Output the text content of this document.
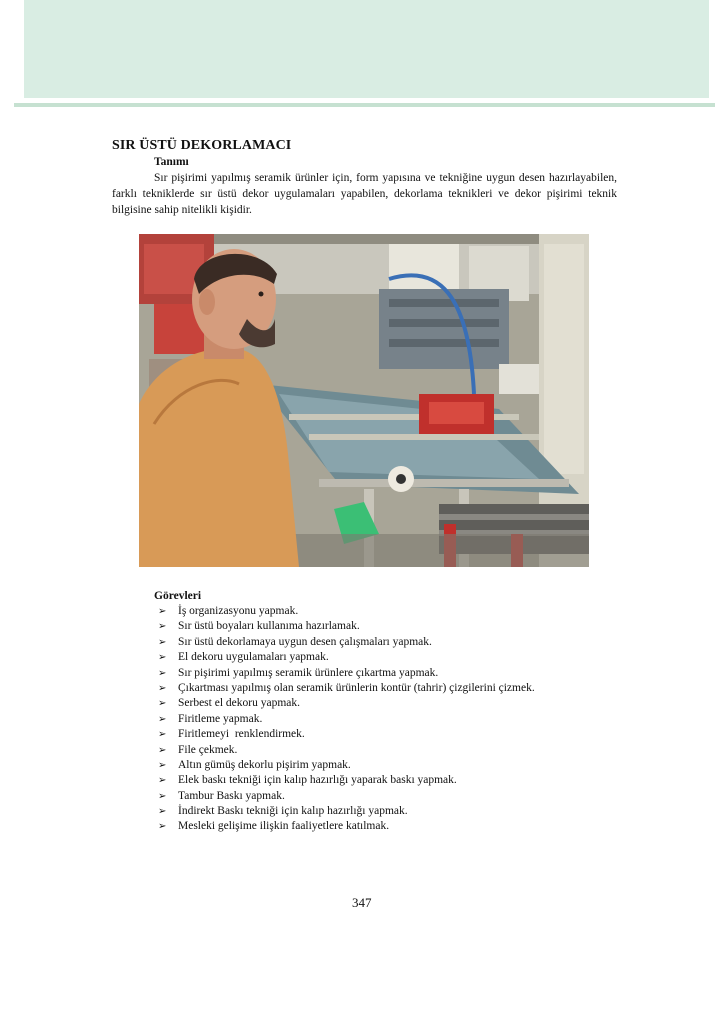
SIR ÜSTÜ DEKORLAMACI
Tanımı

Sır pişirimi yapılmış seramik ürünler için, form yapısına ve tekniğine uygun desen hazırlayabilen, farklı tekniklerde sır üstü dekor uygulamaları yapabilen, dekorlama teknikleri ve dekor pişirimi teknik bilgisine sahip nitelikli kişidir.

Görevleri
➢ İş organizasyonu yapmak.
➢ Sır üstü boyaları kullanıma hazırlamak.
➢ Sır üstü dekorlamaya uygun desen çalışmaları yapmak.
➢ El dekoru uygulamaları yapmak.
➢ Sır pişirimi yapılmış seramik ürünlere çıkartma yapmak.
➢ Çıkartması yapılmış olan seramik ürünlerin kontür (tahrir) çizgilerini çizmek.
➢ Serbest el dekoru yapmak.
➢ Firitleme yapmak.
➢ Firitlemeyi  renklendirmek.
➢ File çekmek.
➢ Altın gümüş dekorlu pişirim yapmak.
➢ Elek baskı tekniği için kalıp hazırlığı yaparak baskı yapmak.
➢ Tambur Baskı yapmak.
➢ İndirekt Baskı tekniği için kalıp hazırlığı yapmak.
➢ Mesleki gelişime ilişkin faaliyetlere katılmak.
347
